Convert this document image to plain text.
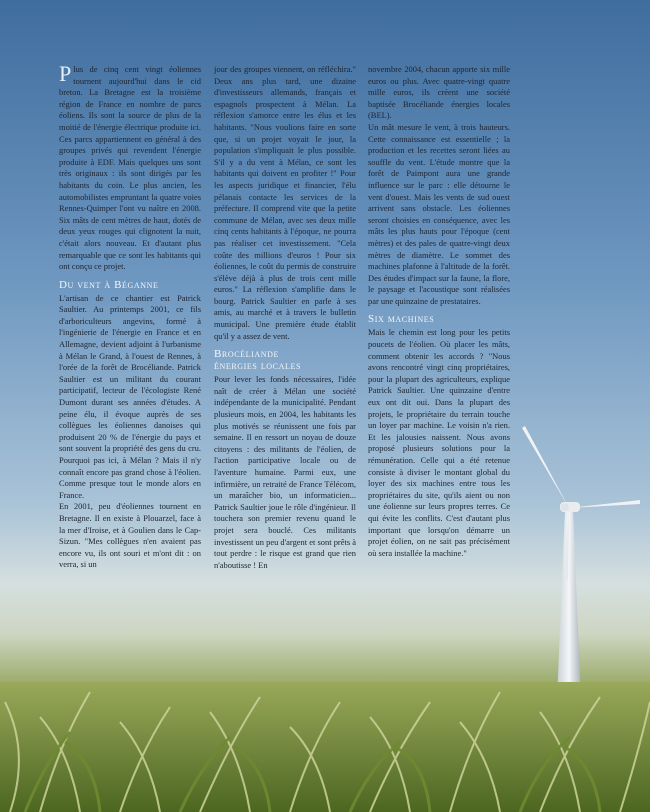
Plus de cinq cent vingt éoliennes tournent aujourd'hui dans le cid breton. La Bretagne est la troisième région de France en nombre de parcs éoliens. Ils sont la source de plus de la moitié de l'énergie électrique produite ici. Ces parcs appartiennent en général à des groupes privés qui revendent l'énergie produite à EDF. Mais quelques uns sont très originaux : ils sont dirigés par les habitants du coin. Le plus ancien, les automobilistes empruntant la quatre voies Rennes-Quimper l'ont vu naître en 2008. Six mâts de cent mètres de haut, dotés de deux yeux rouges qui clignotent la nuit, c'était alors nouveau. Et d'autant plus remarquable que ce sont les habitants qui ont conçu ce projet.

Du vent à Béganne

L'artisan de ce chantier est Patrick Saultier. Au printemps 2001, ce fils d'arboriculteurs angevins, formé à l'ingénierie de l'énergie en France et en Allemagne, devient adjoint à l'urbanisme à Mélan le Grand, à l'ouest de Rennes, à l'orée de la forêt de Brocéliande. Patrick Saultier est un militant du courant participatif, lecteur de l'écologiste René Dumont durant ses années d'études. A peine élu, il évoque auprès de ses collègues les éoliennes danoises qui produisent 20 % de l'énergie du pays et sont souvent la propriété des gens du cru. Pourquoi pas ici, à Mélan ? Mais il n'y connaît encore pas grand chose à l'éolien. Comme presque tout le monde alors en France.

En 2001, peu d'éoliennes tournent en Bretagne. Il en existe à Plouarzel, face à la mer d'Iroise, et à Goulien dans le Cap-Sizun. "Mes collègues n'en avaient pas encore vu, ils ont souri et m'ont dit : on verra, si un

jour des groupes viennent, on réfléchira." Deux ans plus tard, une dizaine d'investisseurs allemands, français et espagnols prospectent à Mélan. La réflexion s'amorce entre les élus et les habitants. "Nous voulions faire en sorte que, si un projet voyait le jour, la population s'impliquait le plus possible. S'il y a du vent à Mélan, ce sont les habitants qui doivent en profiter !" Pour les aspects juridique et financier, l'élu pélanais contacte les services de la préfecture. Il comprend vite que la petite commune de Mélan, avec ses deux mille cinq cents habitants à l'époque, ne pourra pas réaliser cet investissement. "Cela coûte des millions d'euros ! Pour six éoliennes, le coût du permis de construire s'élève déjà à plus de trois cent mille euros." La réflexion s'amplifie dans le bourg. Patrick Saultier en parle à ses amis, au marché et à travers le bulletin municipal. Une première étude établit qu'il y a assez de vent.

Brocéliande
énergies locales

Pour lever les fonds nécessaires, l'idée naît de créer à Mélan une société indépendante de la municipalité. Pendant plusieurs mois, en 2004, les habitants les plus motivés se réunissent une fois par semaine. Il en ressort un noyau de douze citoyens : des militants de l'éolien, de l'action participative locale ou de l'aventure humaine. Parmi eux, une infirmière, un retraité de France Télécom, un maraîcher bio, un informaticien... Patrick Saultier joue le rôle d'ingénieur. Il touchera son premier revenu quand le projet sera bouclé. Ces militants investissent un peu d'argent et sont prêts à tout perdre : le risque est grand que rien n'aboutisse ! En

novembre 2004, chacun apporte six mille euros ou plus. Avec quatre-vingt quatre mille euros, ils créent une société baptisée Brocéliande énergies locales (BEL).

Un mât mesure le vent, à trois hauteurs. Cette connaissance est essentielle ; la production et les recettes seront liées au souffle du vent. L'étude montre que la forêt de Paimpont aura une grande influence sur le parc : elle détourne le vent d'ouest. Mais les vents de sud ouest arrivent sans obstacle. Les éoliennes seront choisies en conséquence, avec les mâts les plus hauts pour l'époque (cent mètres) et des pales de quatre-vingt deux mètres de diamètre. Le sommet des machines plafonne à l'altitude de la forêt. Des études d'impact sur la faune, la flore, le paysage et l'acoustique sont réalisées par une quinzaine de prestataires.

Six machines

Mais le chemin est long pour les petits poucets de l'éolien. Où placer les mâts, comment obtenir les accords ? "Nous avons rencontré vingt cinq propriétaires, pour la plupart des agriculteurs, explique Patrick Saultier. Une quinzaine d'entre eux ont dit oui. Dans la plupart des projets, le propriétaire du terrain touche un loyer par machine. Le voisin n'a rien. Et les jalousies naissent. Nous avons proposé plusieurs solutions pour la rémunération. Celle qui a été retenue consiste à diviser le montant global du loyer des six machines entre tous les propriétaires du site, qu'ils aient ou non une éolienne sur leurs propres terres. Ce qui évite les conflits. C'est d'autant plus important que lorsqu'on démarre un projet éolien, on ne sait pas précisément où sera installée la machine."
